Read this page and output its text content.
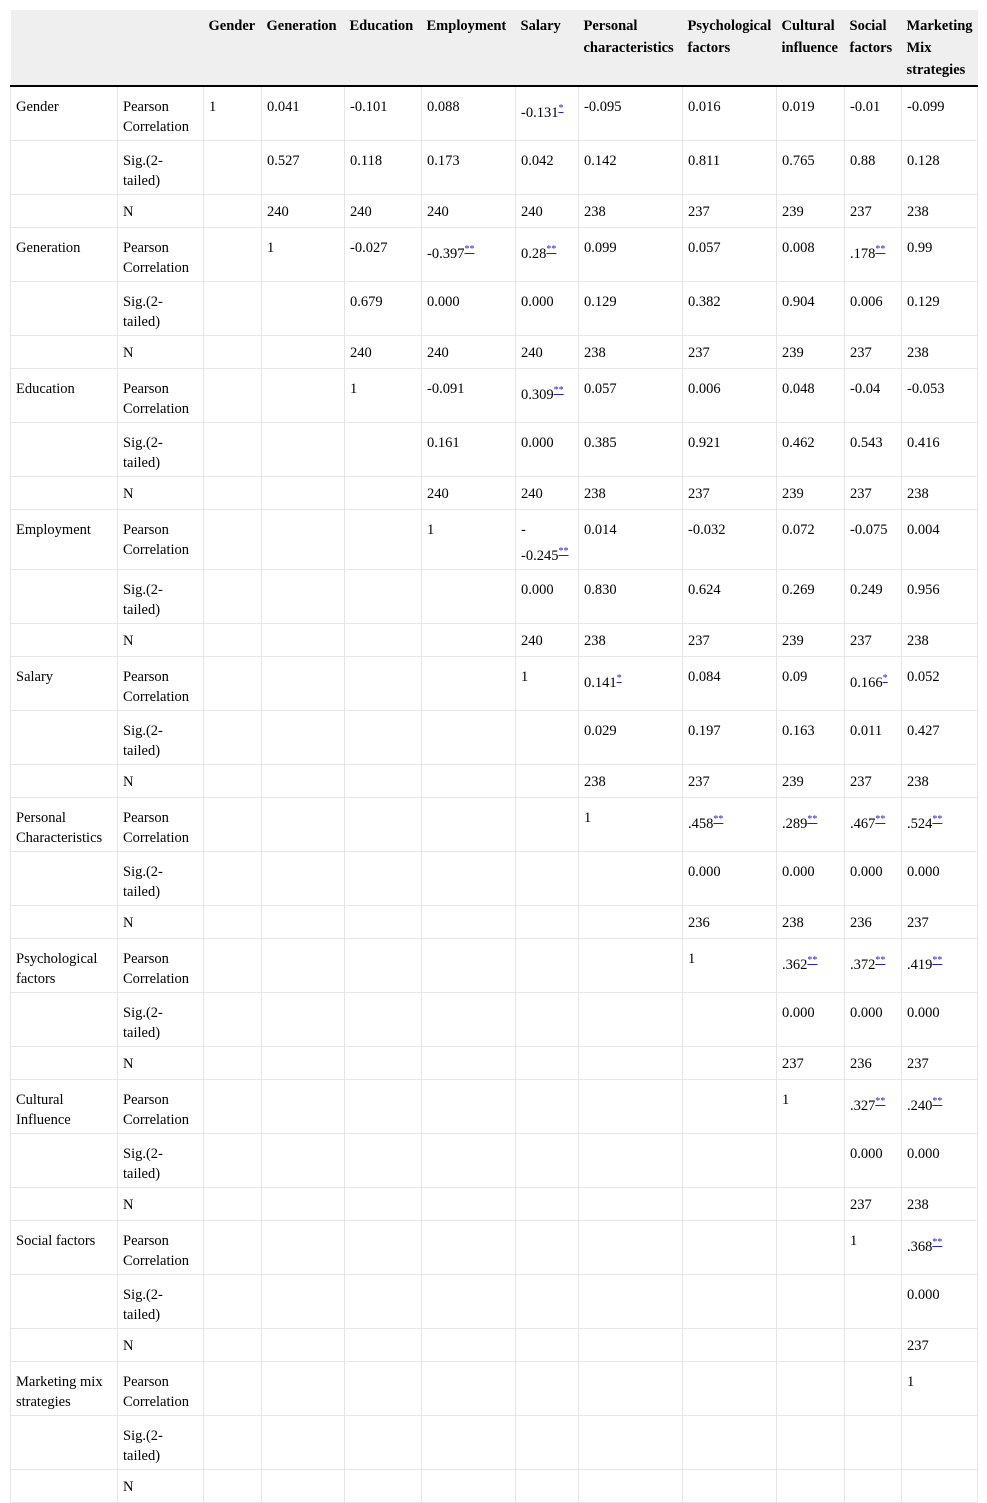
		Gender	Generation	Education	Employment	Salary	Personal characteristics	Psychological factors	Cultural influence	Social factors	Marketing Mix strategies
Gender	Pearson Correlation	1	0.041	-0.101	0.088	-0.131*	-0.095	0.016	0.019	-0.01	-0.099
	Sig.(2-tailed)		0.527	0.118	0.173	0.042	0.142	0.811	0.765	0.88	0.128
	N		240	240	240	240	238	237	239	237	238
Generation	Pearson Correlation		1	-0.027	-0.397**	0.28**	0.099	0.057	0.008	.178**	0.99
	Sig.(2-tailed)			0.679	0.000	0.000	0.129	0.382	0.904	0.006	0.129
	N			240	240	240	238	237	239	237	238
Education	Pearson Correlation			1	-0.091	0.309**	0.057	0.006	0.048	-0.04	-0.053
	Sig.(2-tailed)				0.161	0.000	0.385	0.921	0.462	0.543	0.416
	N				240	240	238	237	239	237	238
Employment	Pearson Correlation				1	--0.245**	0.014	-0.032	0.072	-0.075	0.004
	Sig.(2-tailed)					0.000	0.830	0.624	0.269	0.249	0.956
	N					240	238	237	239	237	238
Salary	Pearson Correlation					1	0.141*	0.084	0.09	0.166*	0.052
	Sig.(2-tailed)						0.029	0.197	0.163	0.011	0.427
	N						238	237	239	237	238
Personal Characteristics	Pearson Correlation						1	.458**	.289**	.467**	.524**
	Sig.(2-tailed)							0.000	0.000	0.000	0.000
	N							236	238	236	237
Psychological factors	Pearson Correlation							1	.362**	.372**	.419**
	Sig.(2-tailed)								0.000	0.000	0.000
	N								237	236	237
Cultural Influence	Pearson Correlation								1	.327**	.240**
	Sig.(2-tailed)									0.000	0.000
	N									237	238
Social factors	Pearson Correlation									1	.368**
	Sig.(2-tailed)										0.000
	N										237
Marketing mix strategies	Pearson Correlation										1
	Sig.(2-tailed)										
	N										
